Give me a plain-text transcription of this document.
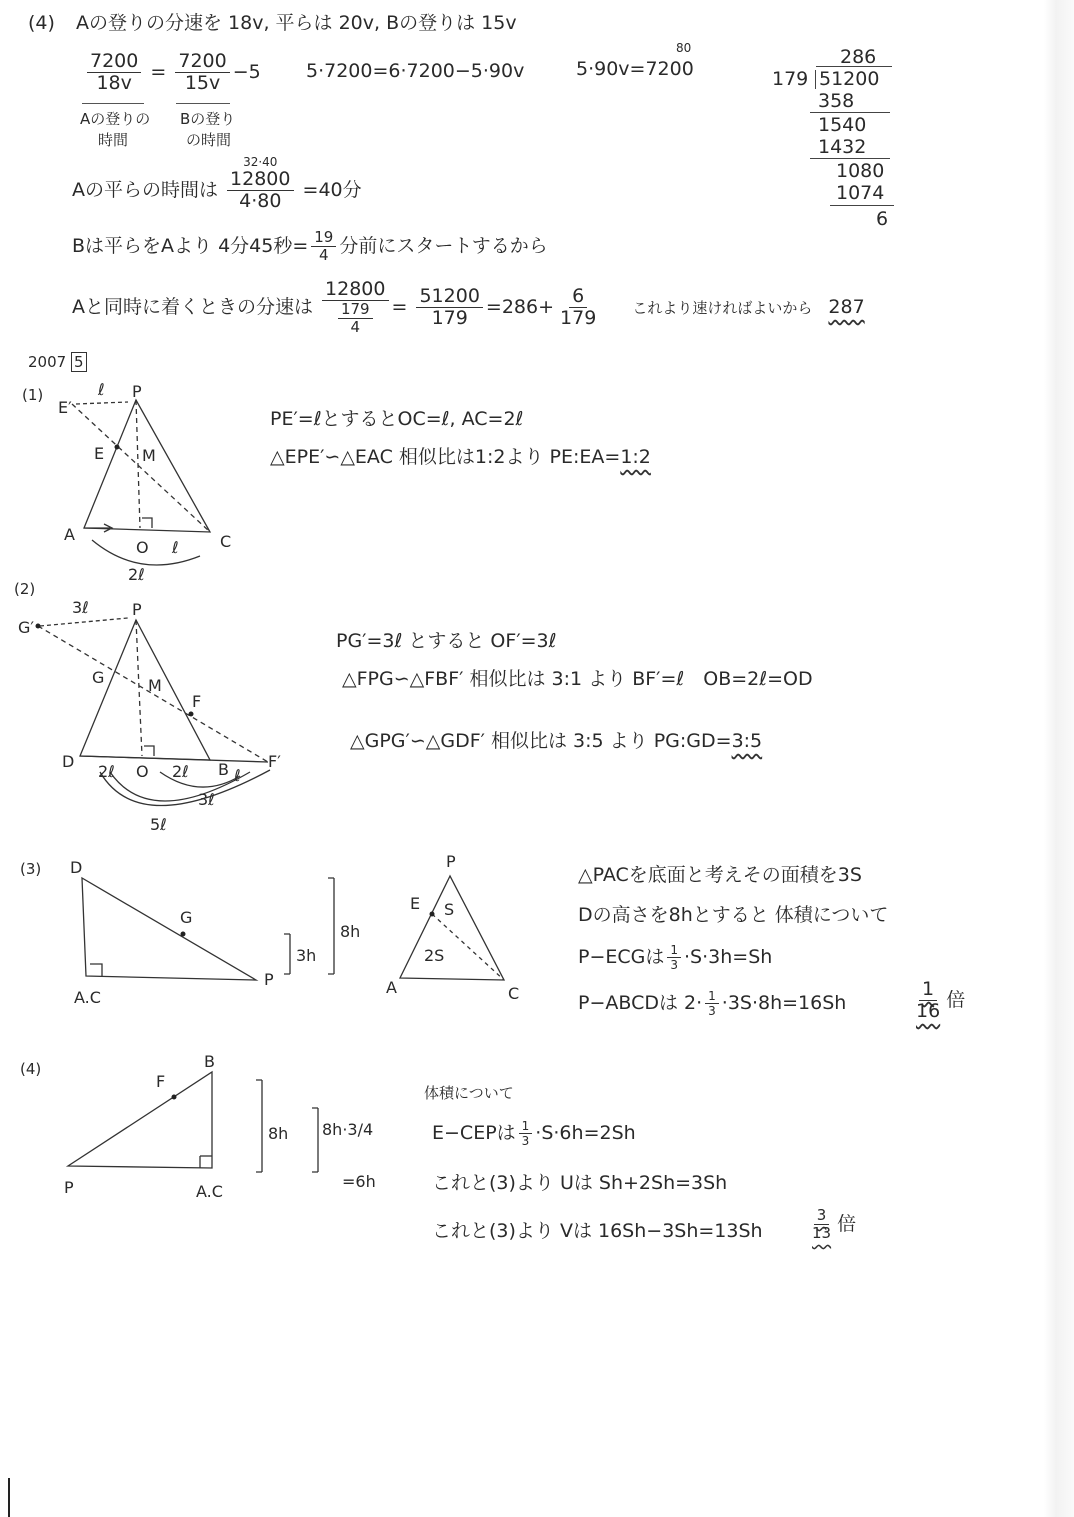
(4) Aの登りの分速を 18v, 平らは 20v, Bの登りは 15v
$\frac{7200}{18v} = \frac{7200}{15v} -5$
Aの登りの
時間
Bの登り
の時間
5·7200=6·7200−5·90v
80
5·90v=7200
286
179 51200
358
1540
1432
1080
1074
6
Aの平らの時間は
32·40
12800
4·80 =40分
Bは平らをAより 4分45秒= $\frac{19}{4}$ 分前にスタートするから
Aと同時に着くときの分速は $\frac{12800}{\frac{179}{4}} = \frac{51200}{179} =286+ \frac{6}{179}$ これより速ければよいから 287
2007 5
(1)
E′
ℓ P
E M
A
O	C
ℓ
2ℓ
PE′=ℓとするとOC=ℓ, AC=2ℓ
△EPE′∽△EAC 相似比は1:2より PE:EA=1:2
(2)
G′
3ℓ	P
G	M
F
D
2ℓ O 2ℓ B ℓ
F′
3ℓ
5ℓ
PG′=3ℓ とすると OF′=3ℓ
△FPG∽△FBF′ 相似比は 3:1 より BF′=ℓ　OB=2ℓ=OD
△GPG′∽△GDF′ 相似比は 3:5 より PG:GD=3:5
(3) D
G
A.C
P
3h
8h
P
E S
2S
A	C
△PACを底面と考えその面積を3S
Dの高さを8hとすると 体積について
P−ECGは $\frac{1}{3} \cdot S\cdot 3h=Sh$
P−ABCDは $2\cdot \frac{1}{3} \cdot 3S\cdot 8h=16Sh$	$\frac{1}{16}$ 倍
(4)
F
B
P	A.C
8h 8h·3/4
=6h
体積について
E−CEPは $\frac{1}{3} \cdot S\cdot 6h=2Sh$
これと(3)より Uは Sh+2Sh=3Sh
これと(3)より Vは 16Sh−3Sh=13Sh	$\frac{3}{13}$ 倍
